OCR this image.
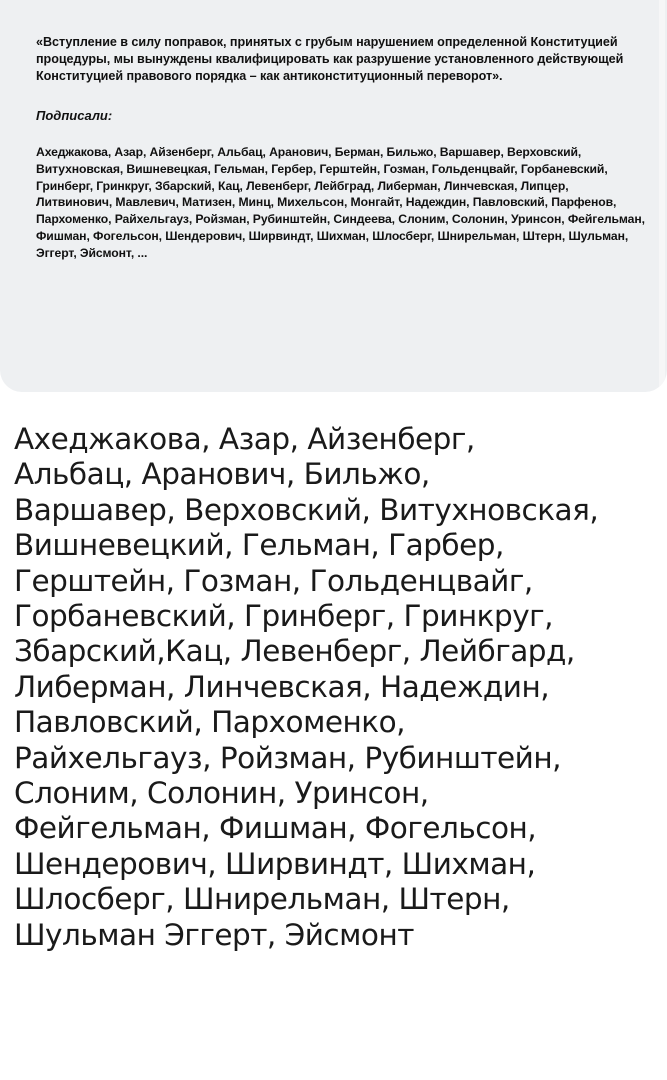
«Вступление в силу поправок, принятых с грубым нарушением определенной Конституцией процедуры, мы вынуждены квалифицировать как разрушение установленного действующей Конституцией правового порядка – как антиконституционный переворот».

Подписали:

Ахеджакова, Азар, Айзенберг, Альбац, Аранович, Берман, Бильжо, Варшавер, Верховский, Витухновская, Вишневецкая, Гельман, Гербер, Герштейн, Гозман, Гольденцвайг, Горбаневский, Гринберг, Гринкруг, Збарский, Кац, Левенберг, Лейбград, Либерман, Линчевская, Липцер, Литвинович, Мавлевич, Матизен, Минц, Михельсон, Монгайт, Надеждин, Павловский, Парфенов, Пархоменко, Райхельгауз, Ройзман, Рубинштейн, Синдеева, Слоним, Солонин, Уринсон, Фейгельман, Фишман, Фогельсон, Шендерович, Ширвиндт, Шихман, Шлосберг, Шнирельман, Штерн, Шульман, Эггерт, Эйсмонт, ...

Ахеджакова, Азар, Айзенберг,
Альбац, Аранович, Бильжо,
Варшавер, Верховский, Витухновская,
Вишневецкий, Гельман, Гарбер,
Герштейн, Гозман, Гольденцвайг,
Горбаневский, Гринберг, Гринкруг,
Збарский,Кац, Левенберг, Лейбгард,
Либерман, Линчевская, Надеждин,
Павловский, Пархоменко,
Райхельгауз, Ройзман, Рубинштейн,
Слоним, Солонин, Уринсон,
Фейгельман, Фишман, Фогельсон,
Шендерович, Ширвиндт, Шихман,
Шлосберг, Шнирельман, Штерн,
Шульман Эггерт, Эйсмонт
